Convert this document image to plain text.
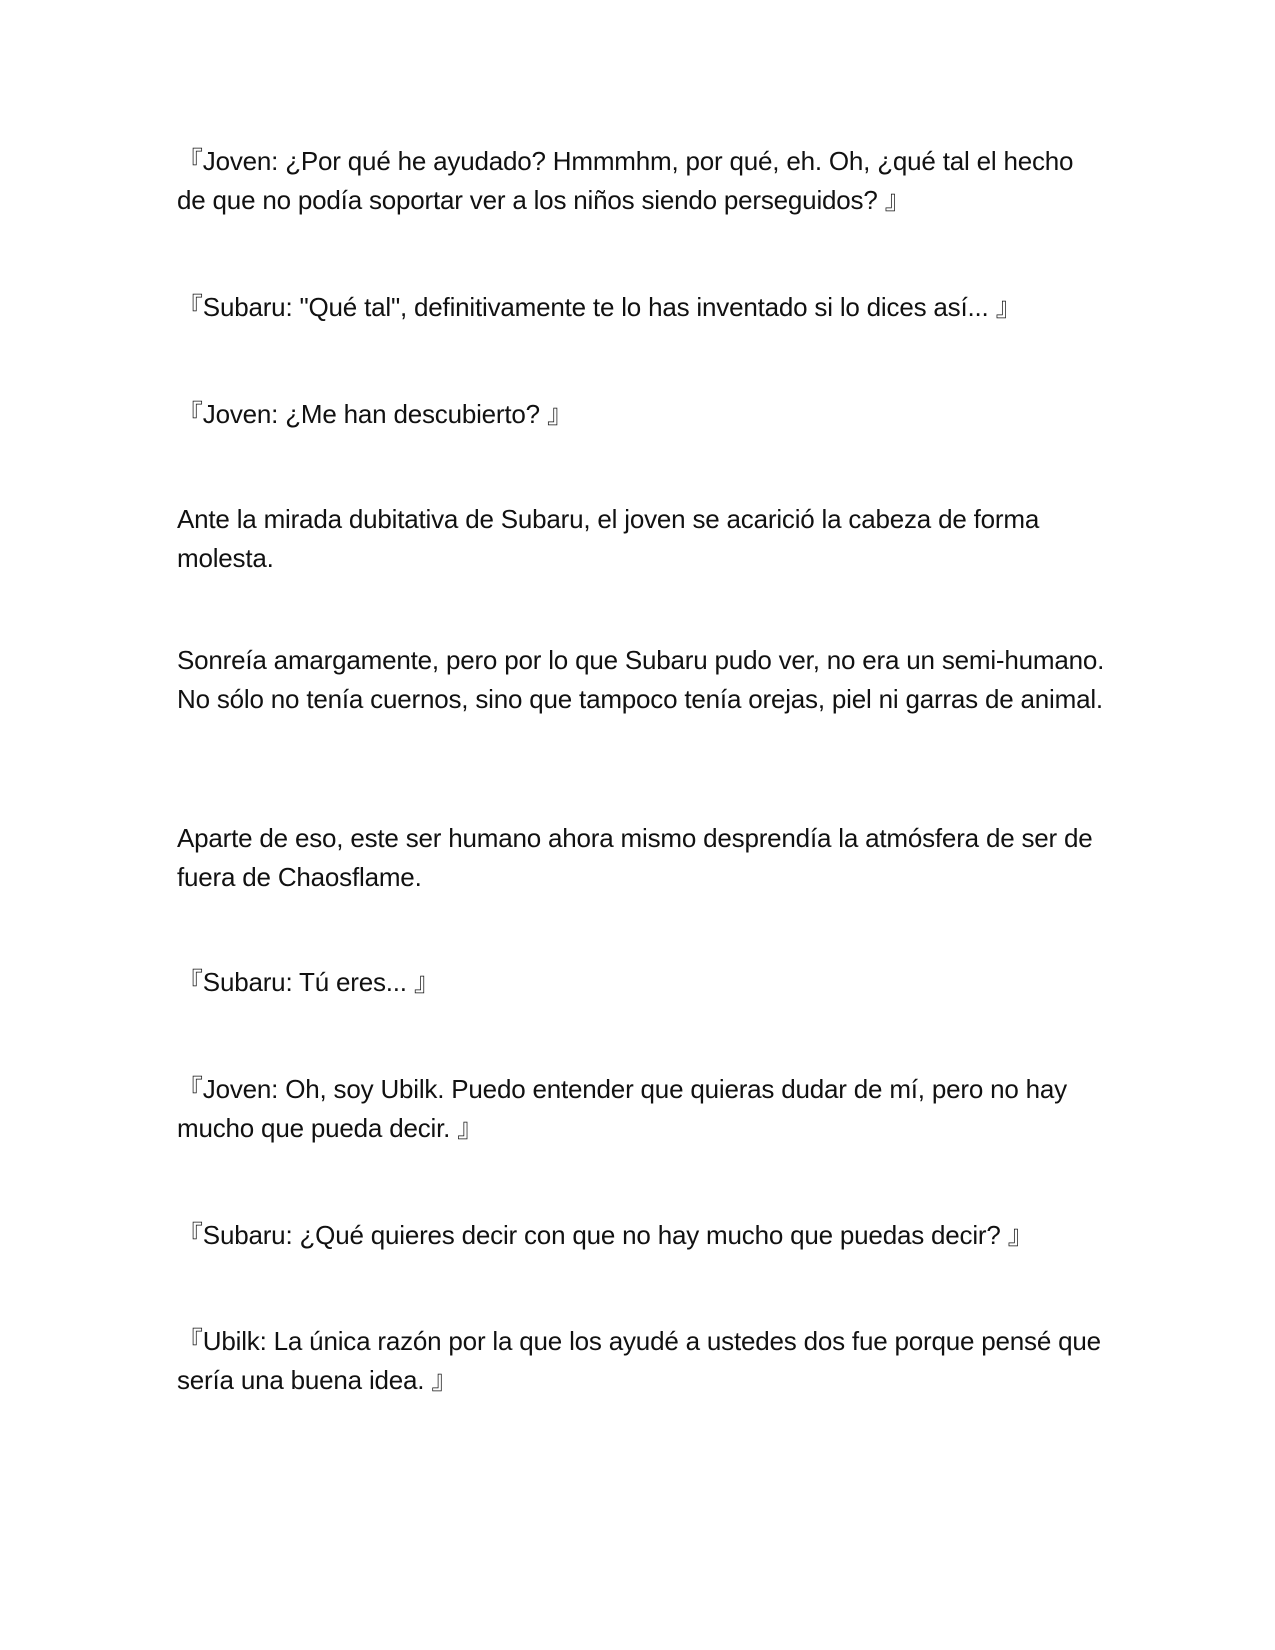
『Joven: ¿Por qué he ayudado? Hmmmhm, por qué, eh. Oh, ¿qué tal el hecho de que no podía soportar ver a los niños siendo perseguidos? 』

『Subaru: "Qué tal", definitivamente te lo has inventado si lo dices así... 』

『Joven: ¿Me han descubierto? 』

Ante la mirada dubitativa de Subaru, el joven se acarició la cabeza de forma molesta.

Sonreía amargamente, pero por lo que Subaru pudo ver, no era un semi-humano. No sólo no tenía cuernos, sino que tampoco tenía orejas, piel ni garras de animal.

Aparte de eso, este ser humano ahora mismo desprendía la atmósfera de ser de fuera de Chaosflame.

『Subaru: Tú eres... 』

『Joven: Oh, soy Ubilk. Puedo entender que quieras dudar de mí, pero no hay mucho que pueda decir. 』

『Subaru: ¿Qué quieres decir con que no hay mucho que puedas decir? 』

『Ubilk: La única razón por la que los ayudé a ustedes dos fue porque pensé que sería una buena idea. 』
